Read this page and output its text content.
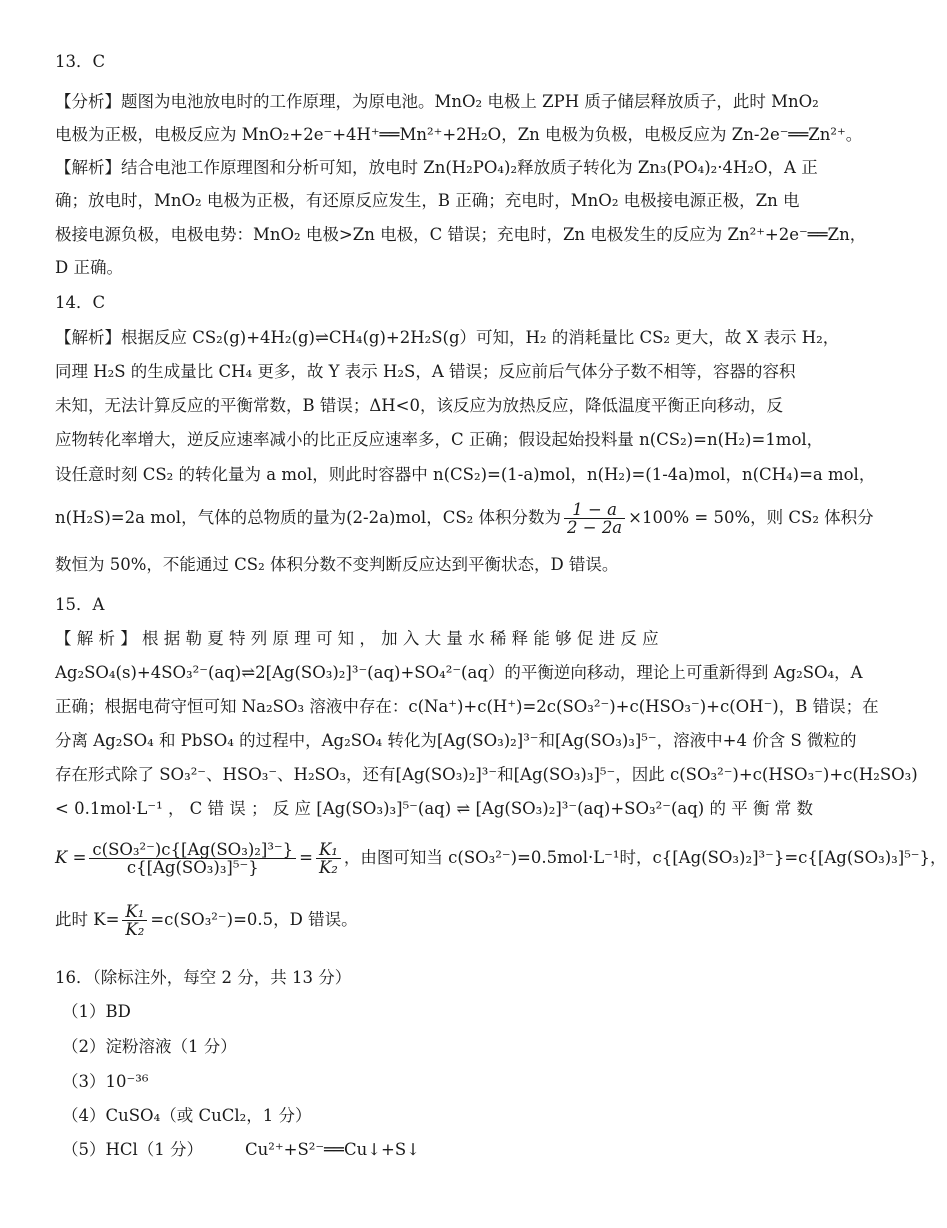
13．C
【分析】题图为电池放电时的工作原理，为原电池。MnO₂ 电极上 ZPH 质子储层释放质子，此时 MnO₂
电极为正极，电极反应为 MnO₂+2e⁻+4H⁺══Mn²⁺+2H₂O，Zn 电极为负极，电极反应为 Zn-2e⁻══Zn²⁺。
【解析】结合电池工作原理图和分析可知，放电时 Zn(H₂PO₄)₂释放质子转化为 Zn₃(PO₄)₂·4H₂O，A 正
确；放电时，MnO₂ 电极为正极，有还原反应发生，B 正确；充电时，MnO₂ 电极接电源正极，Zn 电
极接电源负极，电极电势：MnO₂ 电极>Zn 电极，C 错误；充电时，Zn 电极发生的反应为 Zn²⁺+2e⁻══Zn，
D 正确。
14．C
【解析】根据反应 CS₂(g)+4H₂(g)⇌CH₄(g)+2H₂S(g）可知，H₂ 的消耗量比 CS₂ 更大，故 X 表示 H₂，
同理 H₂S 的生成量比 CH₄ 更多，故 Y 表示 H₂S，A 错误；反应前后气体分子数不相等，容器的容积
未知，无法计算反应的平衡常数，B 错误；ΔH<0，该反应为放热反应，降低温度平衡正向移动，反
应物转化率增大，逆反应速率减小的比正反应速率多，C 正确；假设起始投料量 n(CS₂)=n(H₂)=1mol，
设任意时刻 CS₂ 的转化量为 a mol，则此时容器中 n(CS₂)=(1-a)mol，n(H₂)=(1-4a)mol，n(CH₄)=a mol，
n(H₂S)=2a mol，气体的总物质的量为(2-2a)mol，CS₂ 体积分数为 $\frac{1 - a}{2 - 2a} \times 100\% = 50\%$，则 CS₂ 体积分
数恒为 50%，不能通过 CS₂ 体积分数不变判断反应达到平衡状态，D 错误。
15．A
【 解 析 】 根 据 勒 夏 特 列 原 理 可 知 ， 加 入 大 量 水 稀 释 能 够 促 进 反 应
Ag₂SO₄(s)+4SO₃²⁻(aq)⇌2[Ag(SO₃)₂]³⁻(aq)+SO₄²⁻(aq）的平衡逆向移动，理论上可重新得到 Ag₂SO₄，A
正确；根据电荷守恒可知 Na₂SO₃ 溶液中存在：c(Na⁺)+c(H⁺)=2c(SO₃²⁻)+c(HSO₃⁻)+c(OH⁻)，B 错误；在
分离 Ag₂SO₄ 和 PbSO₄ 的过程中，Ag₂SO₄ 转化为[Ag(SO₃)₂]³⁻和[Ag(SO₃)₃]⁵⁻，溶液中+4 价含 S 微粒的
存在形式除了 SO₃²⁻、HSO₃⁻、H₂SO₃，还有[Ag(SO₃)₂]³⁻和[Ag(SO₃)₃]⁵⁻，因此 c(SO₃²⁻)+c(HSO₃⁻)+c(H₂SO₃)
< 0.1mol·L⁻¹ ， C 错 误 ； 反 应 [Ag(SO₃)₃]⁵⁻(aq) ⇌ [Ag(SO₃)₂]³⁻(aq)+SO₃²⁻(aq) 的 平 衡 常 数
$K = \frac{\text{c(SO₃²⁻)c\{[Ag(SO₃)₂]³⁻\}}}{\text{c\{[Ag(SO₃)₃]⁵⁻\}}} = \frac{\text{K₁}}{\text{K₂}}$ ，由图可知当 c(SO₃²⁻)=0.5mol·L⁻¹时，c{[Ag(SO₃)₂]³⁻}=c{[Ag(SO₃)₃]⁵⁻}，
此时 $K= \frac{\text{K₁}}{\text{K₂}} =c(SO_3^{2-})=0.5$，D 错误。
16．（除标注外，每空 2 分，共 13 分）
（1）BD
（2）淀粉溶液（1 分）
（3）10⁻³⁶
（4）CuSO₄（或 CuCl₂，1 分）
（5）HCl（1 分）	Cu²⁺+S²⁻══Cu↓+S↓
